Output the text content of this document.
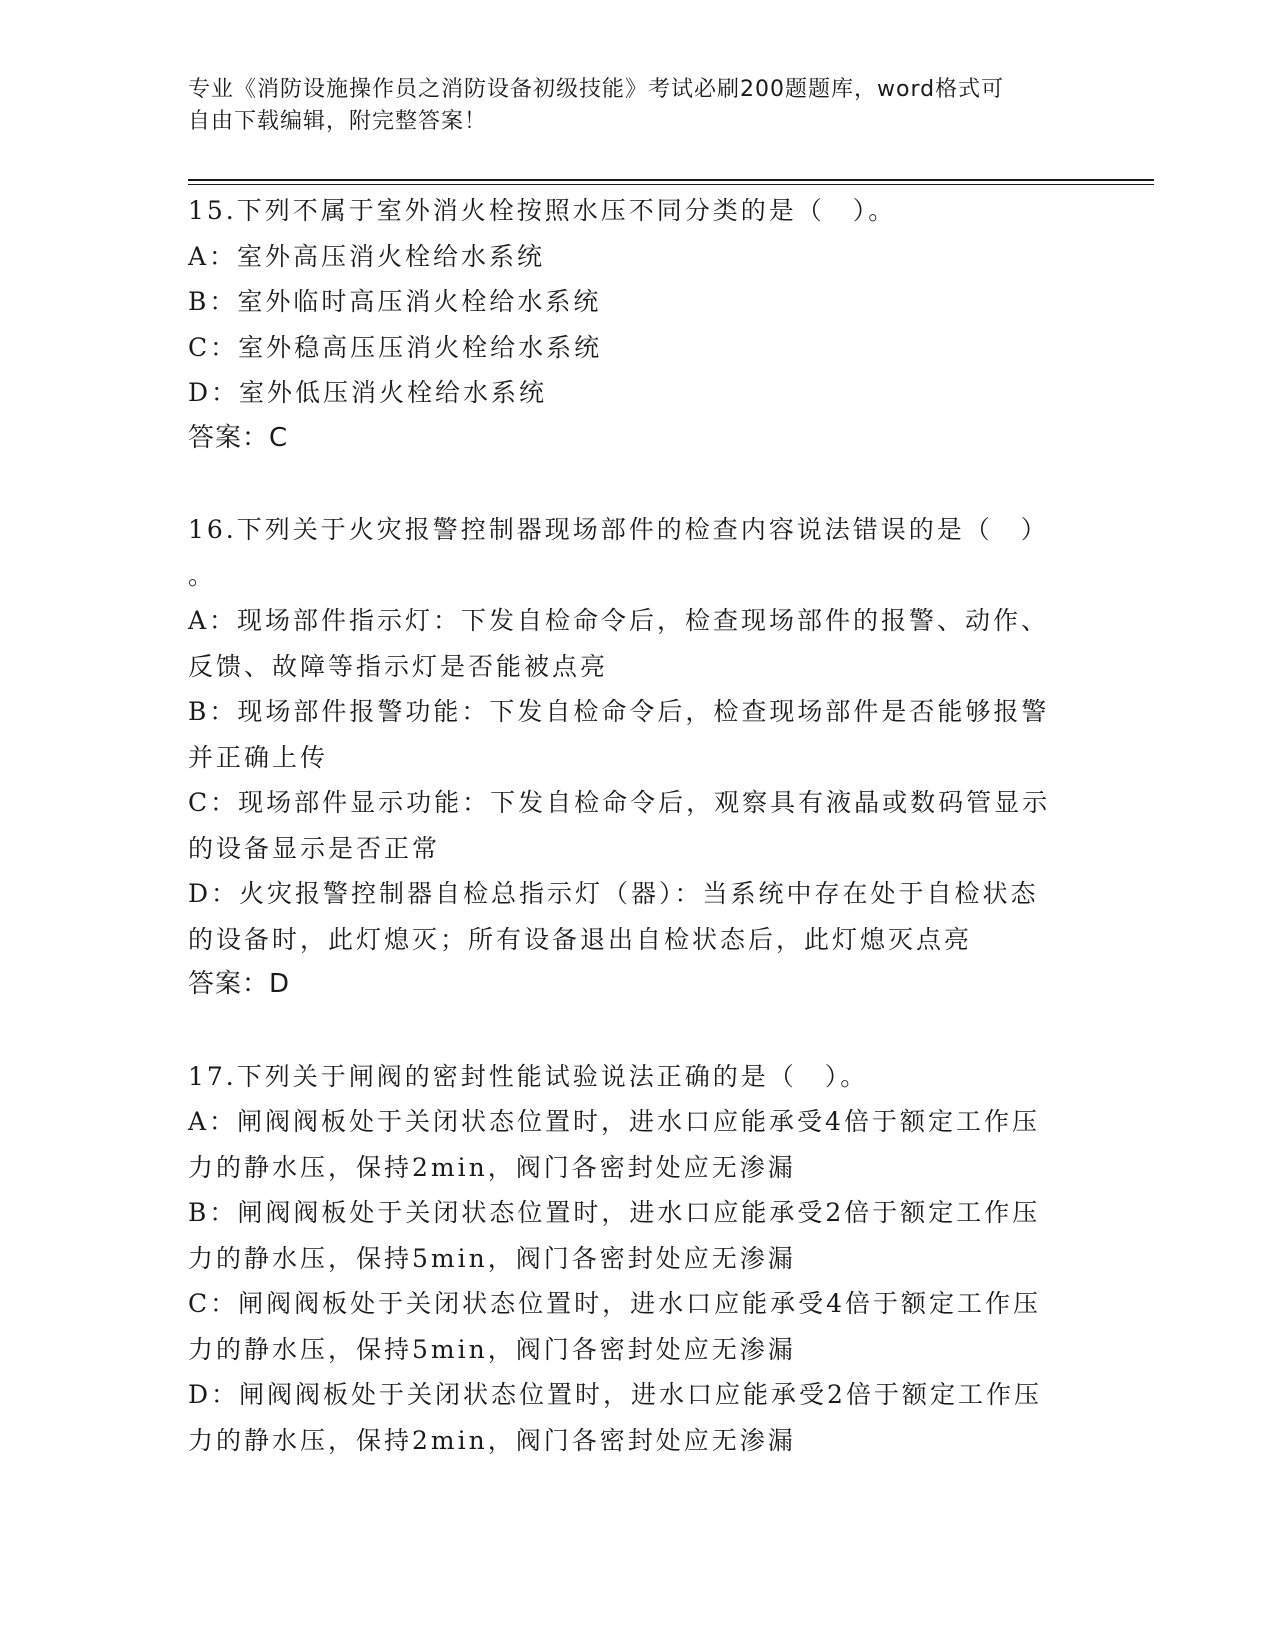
专业《消防设施操作员之消防设备初级技能》考试必刷200题题库，word格式可
自由下载编辑，附完整答案！
15.下列不属于室外消火栓按照水压不同分类的是（　）。
A：室外高压消火栓给水系统
B：室外临时高压消火栓给水系统
C：室外稳高压压消火栓给水系统
D：室外低压消火栓给水系统
答案：C
16.下列关于火灾报警控制器现场部件的检查内容说法错误的是（　）
。
A：现场部件指示灯：下发自检命令后，检查现场部件的报警、动作、
反馈、故障等指示灯是否能被点亮
B：现场部件报警功能：下发自检命令后，检查现场部件是否能够报警
并正确上传
C：现场部件显示功能：下发自检命令后，观察具有液晶或数码管显示
的设备显示是否正常
D：火灾报警控制器自检总指示灯（器）：当系统中存在处于自检状态
的设备时，此灯熄灭；所有设备退出自检状态后，此灯熄灭点亮
答案：D
17.下列关于闸阀的密封性能试验说法正确的是（　）。
A：闸阀阀板处于关闭状态位置时，进水口应能承受4倍于额定工作压
力的静水压，保持2min，阀门各密封处应无渗漏
B：闸阀阀板处于关闭状态位置时，进水口应能承受2倍于额定工作压
力的静水压，保持5min，阀门各密封处应无渗漏
C：闸阀阀板处于关闭状态位置时，进水口应能承受4倍于额定工作压
力的静水压，保持5min，阀门各密封处应无渗漏
D：闸阀阀板处于关闭状态位置时，进水口应能承受2倍于额定工作压
力的静水压，保持2min，阀门各密封处应无渗漏
